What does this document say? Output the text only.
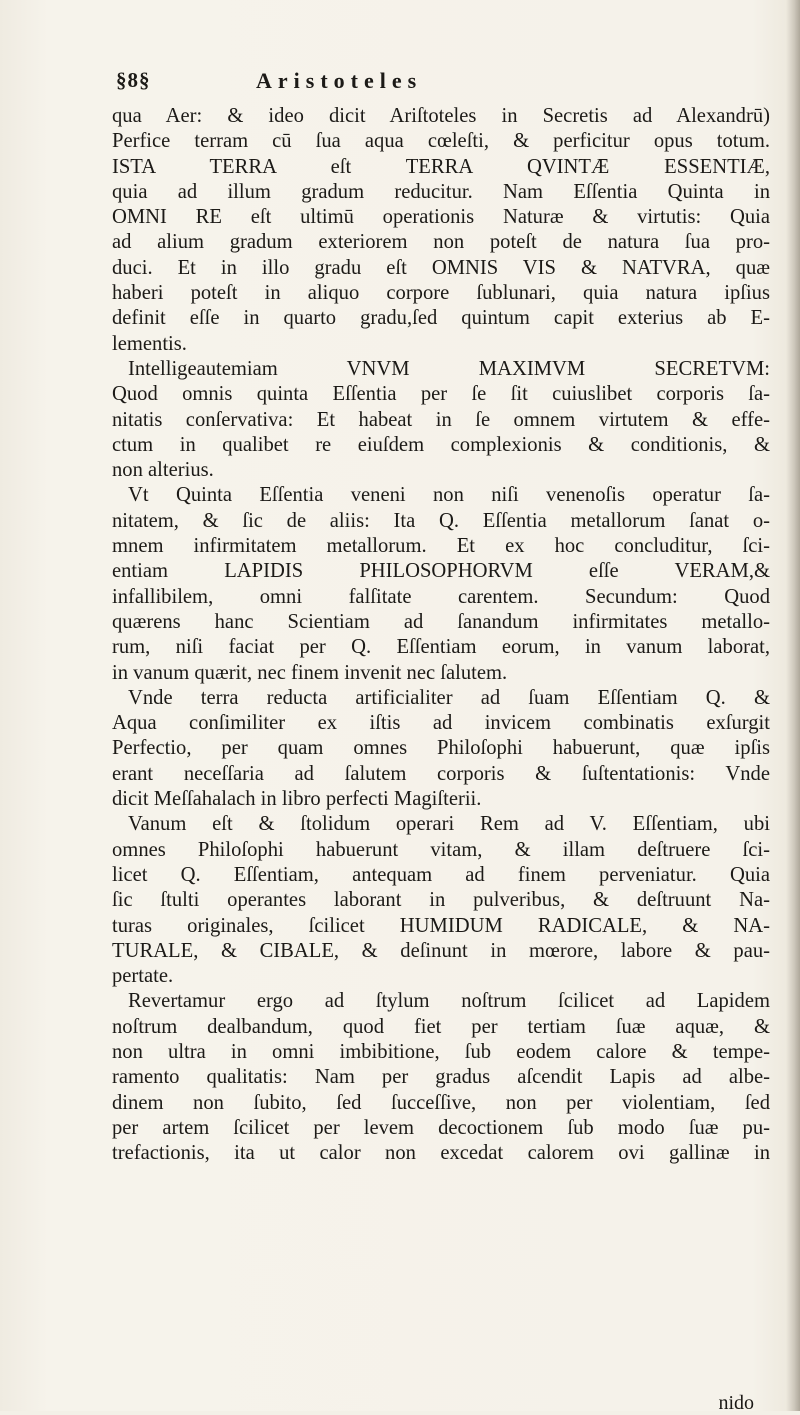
§8§	Aristoteles
qua Aer: & ideo dicit Ariſtoteles in Secretis ad Alexandrū)
Perfice terram cū ſua aqua cœleſti, & perficitur opus totum.
ISTA TERRA eſt TERRA QVINTÆ ESSENTIÆ,
quia ad illum gradum reducitur. Nam Eſſentia Quinta in
OMNI RE eſt ultimū operationis Naturæ & virtutis: Quia
ad alium gradum exteriorem non poteſt de natura ſua pro-
duci. Et in illo gradu eſt OMNIS VIS & NATVRA, quæ
haberi poteſt in aliquo corpore ſublunari, quia natura ipſius
definit eſſe in quarto gradu,ſed quintum capit exterius ab E-
lementis.
Intelligeautemiam VNVM MAXIMVM SECRETVM:
Quod omnis quinta Eſſentia per ſe ſit cuiuslibet corporis ſa-
nitatis conſervativa: Et habeat in ſe omnem virtutem & effe-
ctum in qualibet re eiuſdem complexionis & conditionis, &
non alterius.
Vt Quinta Eſſentia veneni non niſi venenoſis operatur ſa-
nitatem, & ſic de aliis: Ita Q. Eſſentia metallorum ſanat o-
mnem infirmitatem metallorum. Et ex hoc concluditur, ſci-
entiam LAPIDIS PHILOSOPHORVM eſſe VERAM,&
infallibilem, omni falſitate carentem. Secundum: Quod
quærens hanc Scientiam ad ſanandum infirmitates metallo-
rum, niſi faciat per Q. Eſſentiam eorum, in vanum laborat,
in vanum quærit, nec finem invenit nec ſalutem.
Vnde terra reducta artificialiter ad ſuam Eſſentiam Q. &
Aqua conſimiliter ex iſtis ad invicem combinatis exſurgit
Perfectio, per quam omnes Philoſophi habuerunt, quæ ipſis
erant neceſſaria ad ſalutem corporis & ſuſtentationis: Vnde
dicit Meſſahalach in libro perfecti Magiſterii.
Vanum eſt & ſtolidum operari Rem ad V. Eſſentiam, ubi
omnes Philoſophi habuerunt vitam, & illam deſtruere ſci-
licet Q. Eſſentiam, antequam ad finem perveniatur. Quia
ſic ſtulti operantes laborant in pulveribus, & deſtruunt Na-
turas originales, ſcilicet HUMIDUM RADICALE, & NA-
TURALE, & CIBALE, & deſinunt in mœrore, labore & pau-
pertate.
Revertamur ergo ad ſtylum noſtrum ſcilicet ad Lapidem
noſtrum dealbandum, quod fiet per tertiam ſuæ aquæ, &
non ultra in omni imbibitione, ſub eodem calore & tempe-
ramento qualitatis: Nam per gradus aſcendit Lapis ad albe-
dinem non ſubito, ſed ſucceſſive, non per violentiam, ſed
per artem ſcilicet per levem decoctionem ſub modo ſuæ pu-
trefactionis, ita ut calor non excedat calorem ovi gallinæ in
nido
